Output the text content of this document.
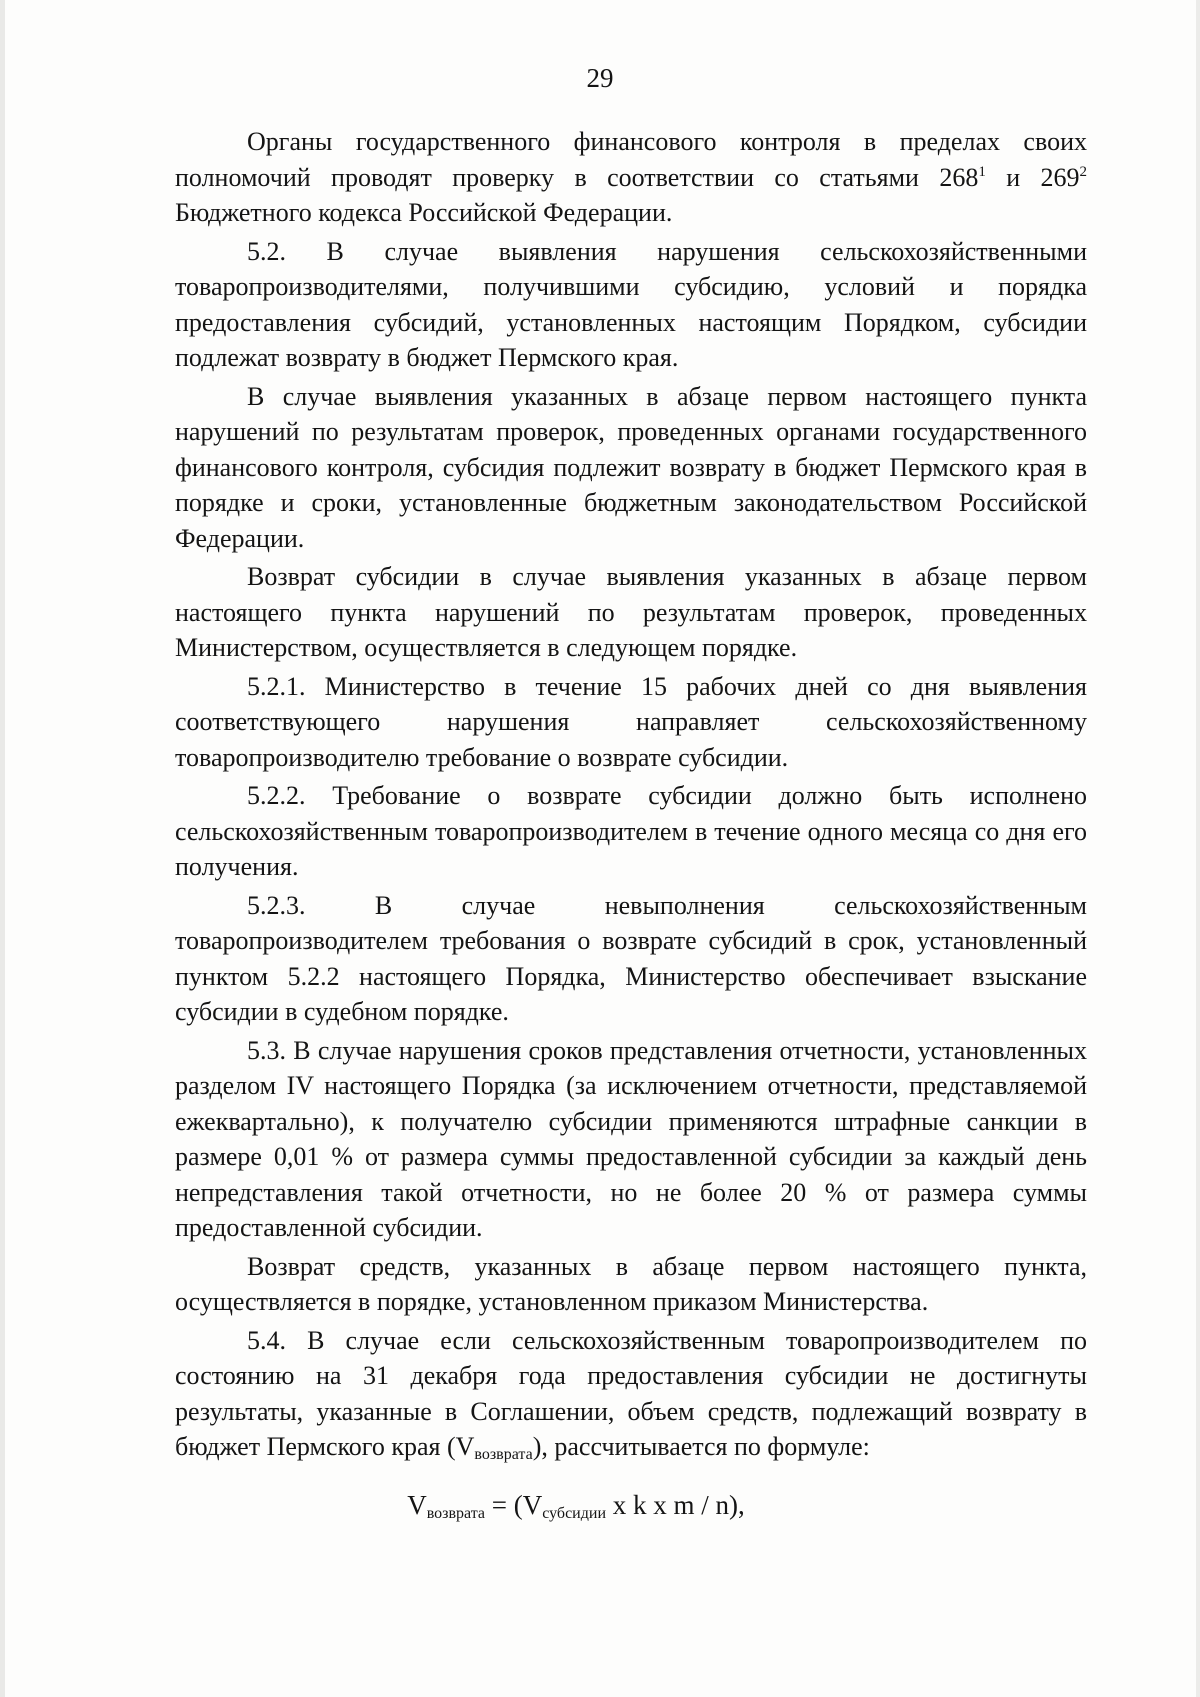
29

Органы государственного финансового контроля в пределах своих полномочий проводят проверку в соответствии со статьями $268^1$ и $269^2$ Бюджетного кодекса Российской Федерации.

5.2. В случае выявления нарушения сельскохозяйственными товаропроизводителями, получившими субсидию, условий и порядка предоставления субсидий, установленных настоящим Порядком, субсидии подлежат возврату в бюджет Пермского края.

В случае выявления указанных в абзаце первом настоящего пункта нарушений по результатам проверок, проведенных органами государственного финансового контроля, субсидия подлежит возврату в бюджет Пермского края в порядке и сроки, установленные бюджетным законодательством Российской Федерации.

Возврат субсидии в случае выявления указанных в абзаце первом настоящего пункта нарушений по результатам проверок, проведенных Министерством, осуществляется в следующем порядке.

5.2.1. Министерство в течение 15 рабочих дней со дня выявления соответствующего нарушения направляет сельскохозяйственному товаропроизводителю требование о возврате субсидии.

5.2.2. Требование о возврате субсидии должно быть исполнено сельскохозяйственным товаропроизводителем в течение одного месяца со дня его получения.

5.2.3. В случае невыполнения сельскохозяйственным товаропроизводителем требования о возврате субсидий в срок, установленный пунктом 5.2.2 настоящего Порядка, Министерство обеспечивает взыскание субсидии в судебном порядке.

5.3. В случае нарушения сроков представления отчетности, установленных разделом IV настоящего Порядка (за исключением отчетности, представляемой ежеквартально), к получателю субсидии применяются штрафные санкции в размере 0,01 % от размера суммы предоставленной субсидии за каждый день непредставления такой отчетности, но не более 20 % от размера суммы предоставленной субсидии.

Возврат средств, указанных в абзаце первом настоящего пункта, осуществляется в порядке, установленном приказом Министерства.

5.4. В случае если сельскохозяйственным товаропроизводителем по состоянию на 31 декабря года предоставления субсидии не достигнуты результаты, указанные в Соглашении, объем средств, подлежащий возврату в бюджет Пермского края $(V_{возврата})$, рассчитывается по формуле:

Vвозврата = (Vсубсидии x k x m / n),
